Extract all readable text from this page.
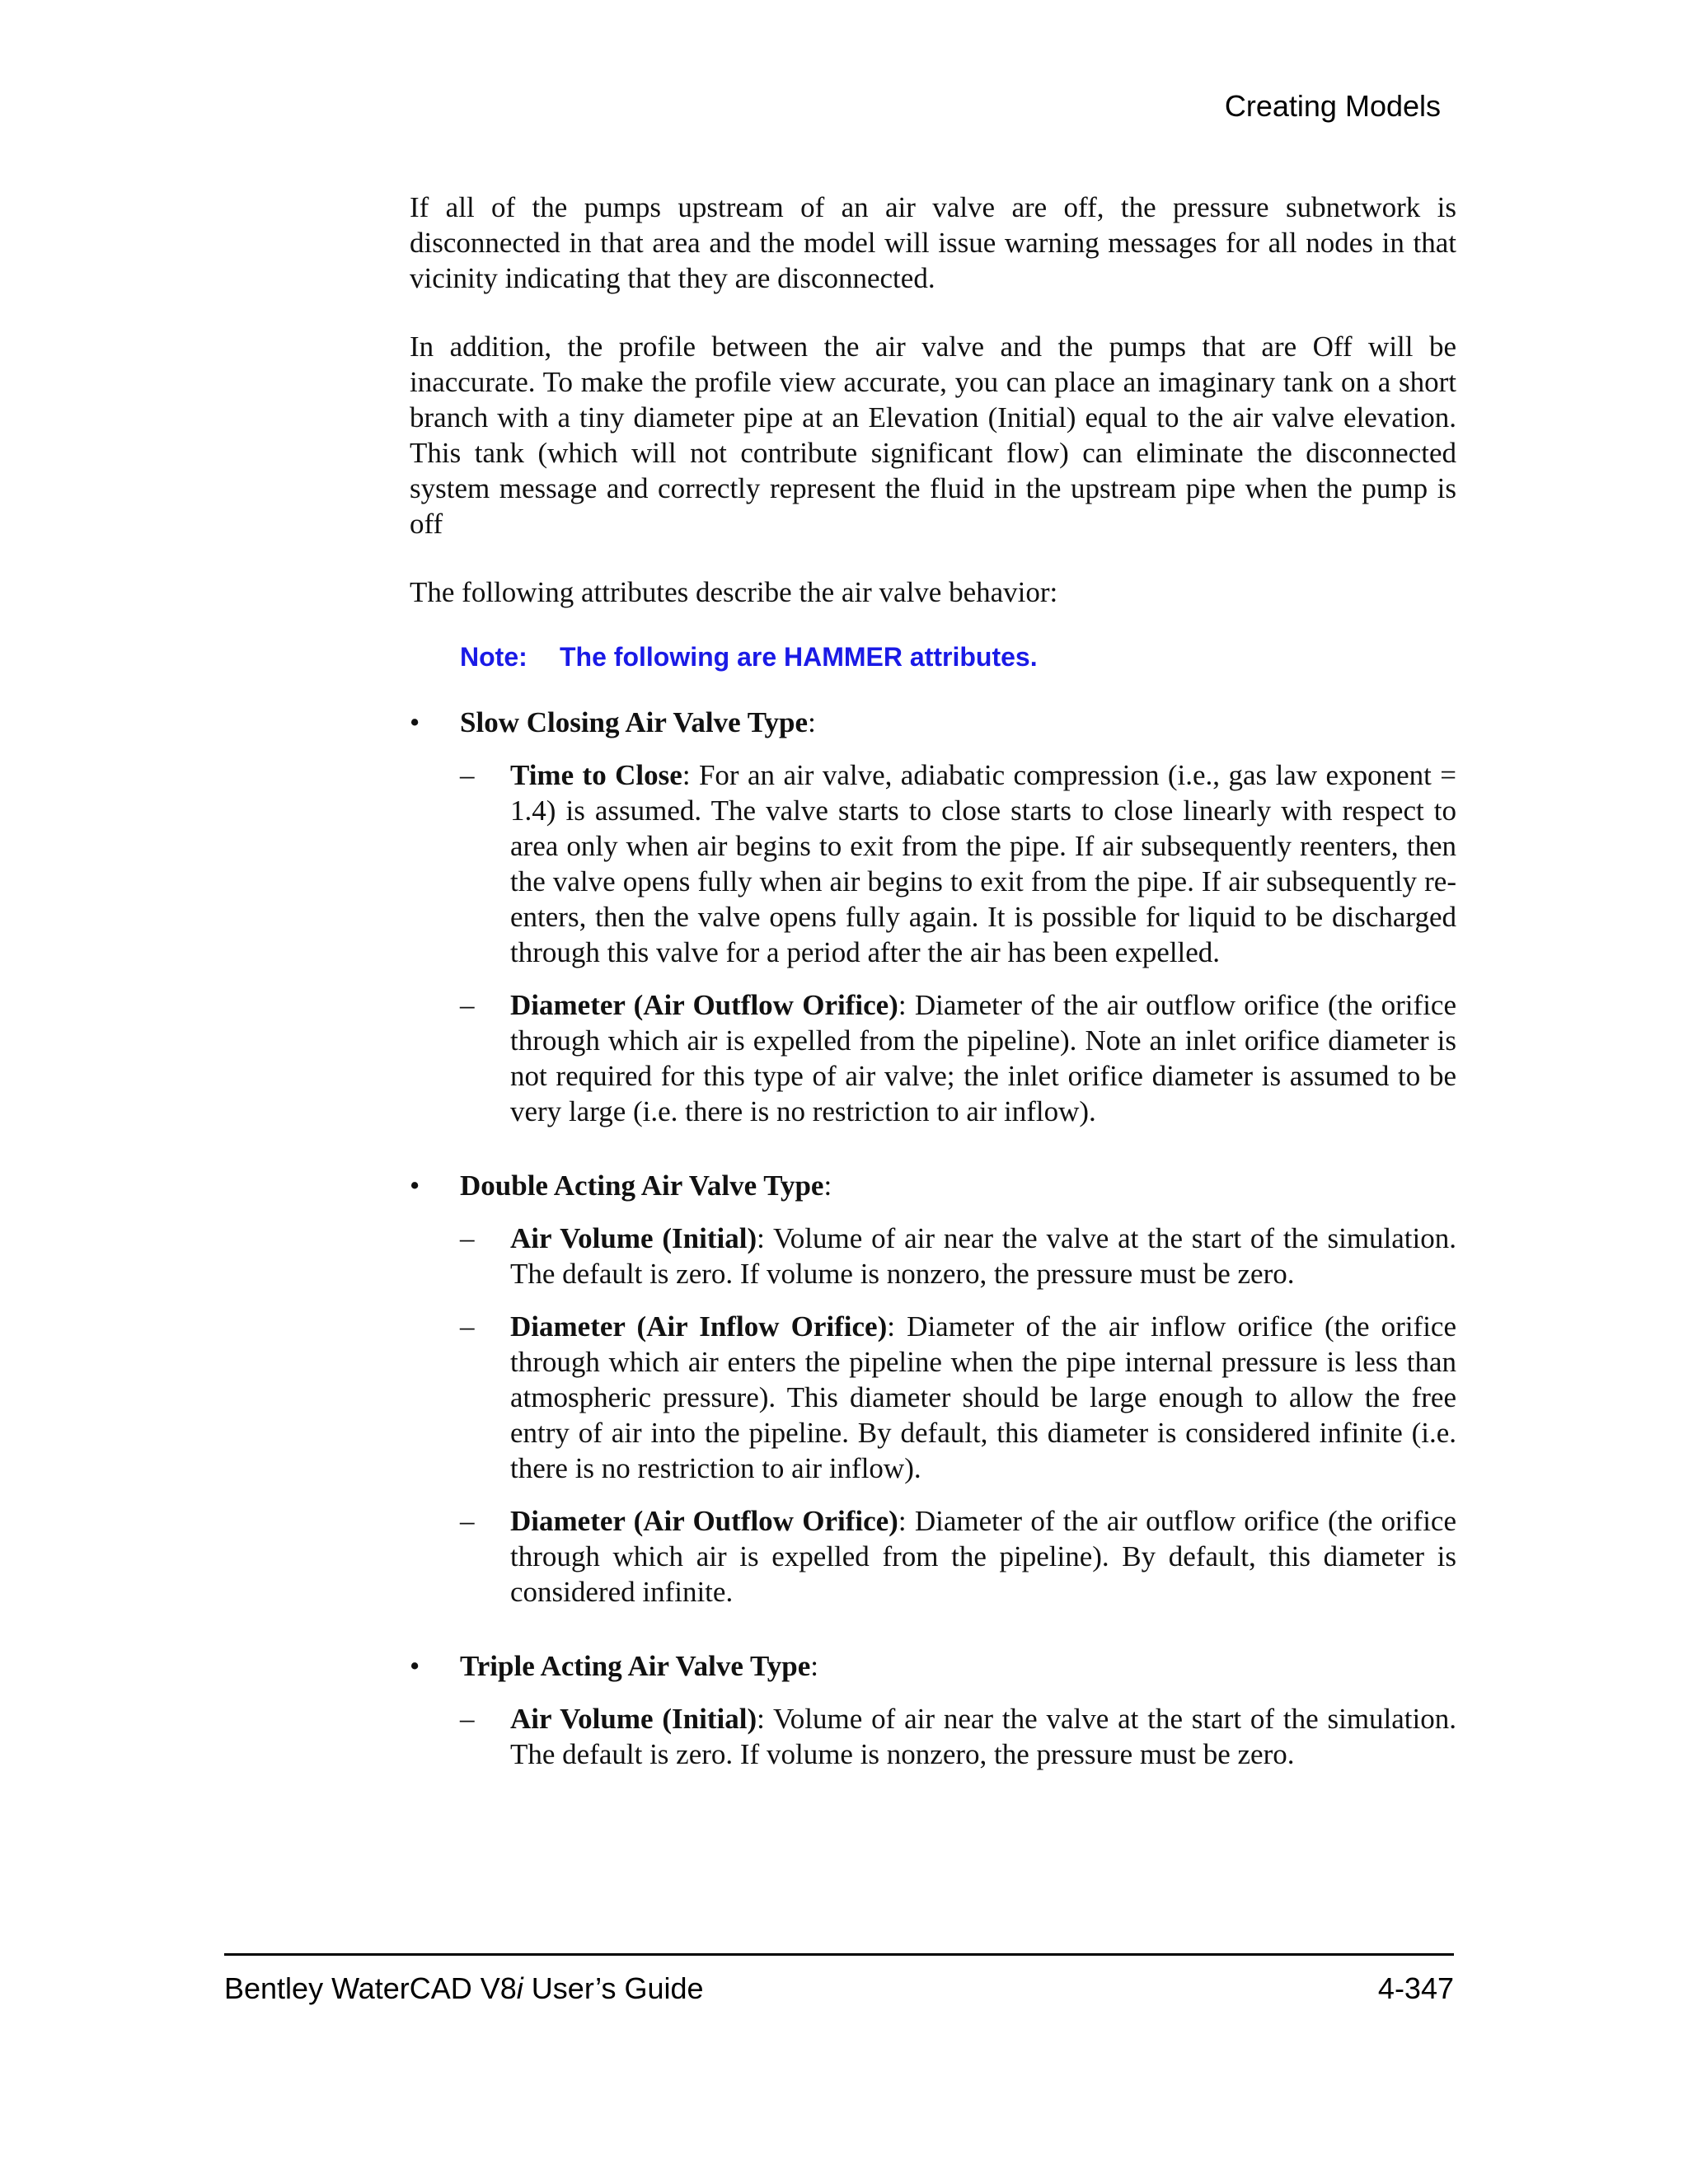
Creating Models

If all of the pumps upstream of an air valve are off, the pressure subnetwork is disconnected in that area and the model will issue warning messages for all nodes in that vicinity indicating that they are disconnected.

In addition, the profile between the air valve and the pumps that are Off will be inaccurate. To make the profile view accurate, you can place an imaginary tank on a short branch with a tiny diameter pipe at an Elevation (Initial) equal to the air valve elevation. This tank (which will not contribute significant flow) can eliminate the disconnected system message and correctly represent the fluid in the upstream pipe when the pump is off

The following attributes describe the air valve behavior:

Note: The following are HAMMER attributes.
• Slow Closing Air Valve Type:
– Time to Close: For an air valve, adiabatic compression (i.e., gas law exponent = 1.4) is assumed. The valve starts to close starts to close linearly with respect to area only when air begins to exit from the pipe. If air subsequently reenters, then the valve opens fully when air begins to exit from the pipe. If air subsequently re-enters, then the valve opens fully again. It is possible for liquid to be discharged through this valve for a period after the air has been expelled.
– Diameter (Air Outflow Orifice): Diameter of the air outflow orifice (the orifice through which air is expelled from the pipeline). Note an inlet orifice diameter is not required for this type of air valve; the inlet orifice diameter is assumed to be very large (i.e. there is no restriction to air inflow).
• Double Acting Air Valve Type:
– Air Volume (Initial): Volume of air near the valve at the start of the simulation. The default is zero. If volume is nonzero, the pressure must be zero.
– Diameter (Air Inflow Orifice): Diameter of the air inflow orifice (the orifice through which air enters the pipeline when the pipe internal pressure is less than atmospheric pressure). This diameter should be large enough to allow the free entry of air into the pipeline. By default, this diameter is considered infinite (i.e. there is no restriction to air inflow).
– Diameter (Air Outflow Orifice): Diameter of the air outflow orifice (the orifice through which air is expelled from the pipeline). By default, this diameter is considered infinite.
• Triple Acting Air Valve Type:
– Air Volume (Initial): Volume of air near the valve at the start of the simulation. The default is zero. If volume is nonzero, the pressure must be zero.
Bentley WaterCAD V8i User’s Guide	4-347
